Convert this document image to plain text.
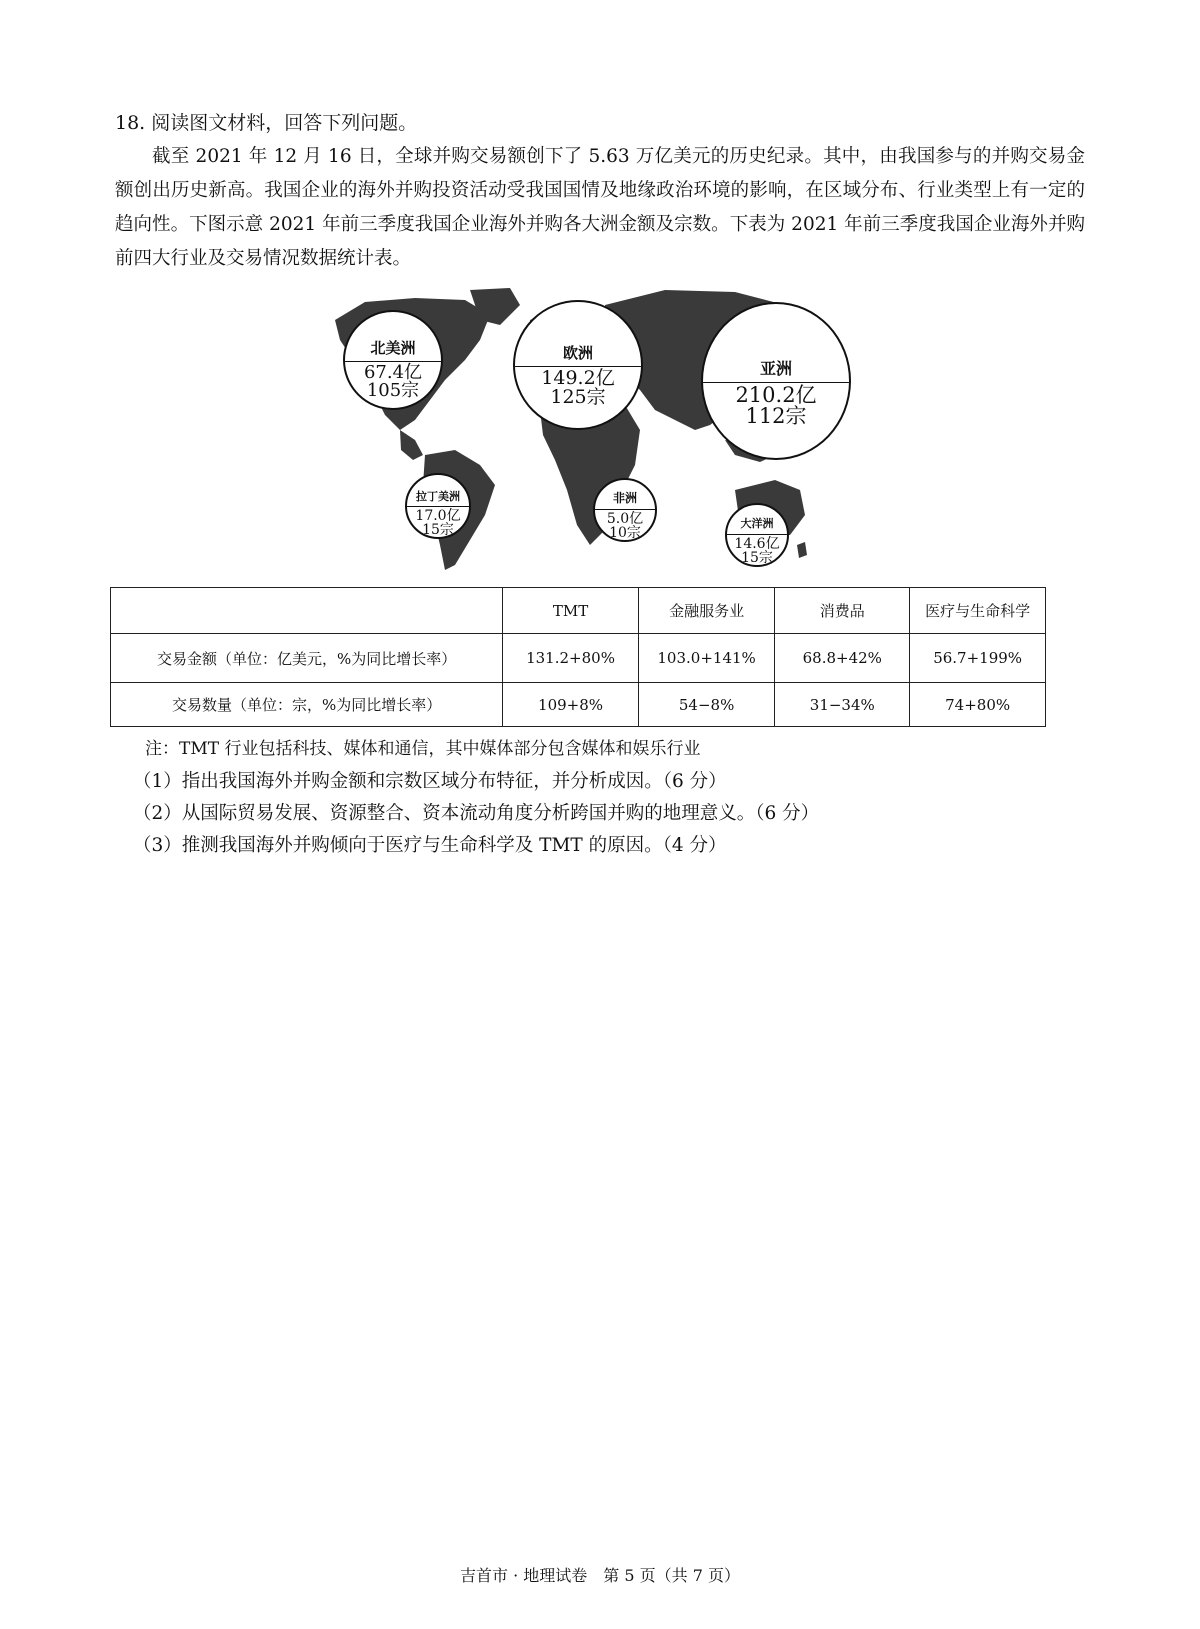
18. 阅读图文材料，回答下列问题。
截至 2021 年 12 月 16 日，全球并购交易额创下了 5.63 万亿美元的历史纪录。其中，由我国参与的并购交易金额创出历史新高。我国企业的海外并购投资活动受我国国情及地缘政治环境的影响，在区域分布、行业类型上有一定的趋向性。下图示意 2021 年前三季度我国企业海外并购各大洲金额及宗数。下表为 2021 年前三季度我国企业海外并购前四大行业及交易情况数据统计表。
北美洲
67.4亿
105宗
欧洲
149.2亿
125宗
亚洲
210.2亿
112宗
拉丁美洲
17.0亿
15宗
非洲
5.0亿
10宗
大洋洲
14.6亿
15宗
	TMT	金融服务业	消费品	医疗与生命科学
交易金额（单位：亿美元，%为同比增长率）	131.2+80%	103.0+141%	68.8+42%	56.7+199%
交易数量（单位：宗，%为同比增长率）	109+8%	54−8%	31−34%	74+80%
注：TMT 行业包括科技、媒体和通信，其中媒体部分包含媒体和娱乐行业
（1）指出我国海外并购金额和宗数区域分布特征，并分析成因。（6 分）
（2）从国际贸易发展、资源整合、资本流动角度分析跨国并购的地理意义。（6 分）
（3）推测我国海外并购倾向于医疗与生命科学及 TMT 的原因。（4 分）
吉首市 · 地理试卷　第 5 页（共 7 页）
